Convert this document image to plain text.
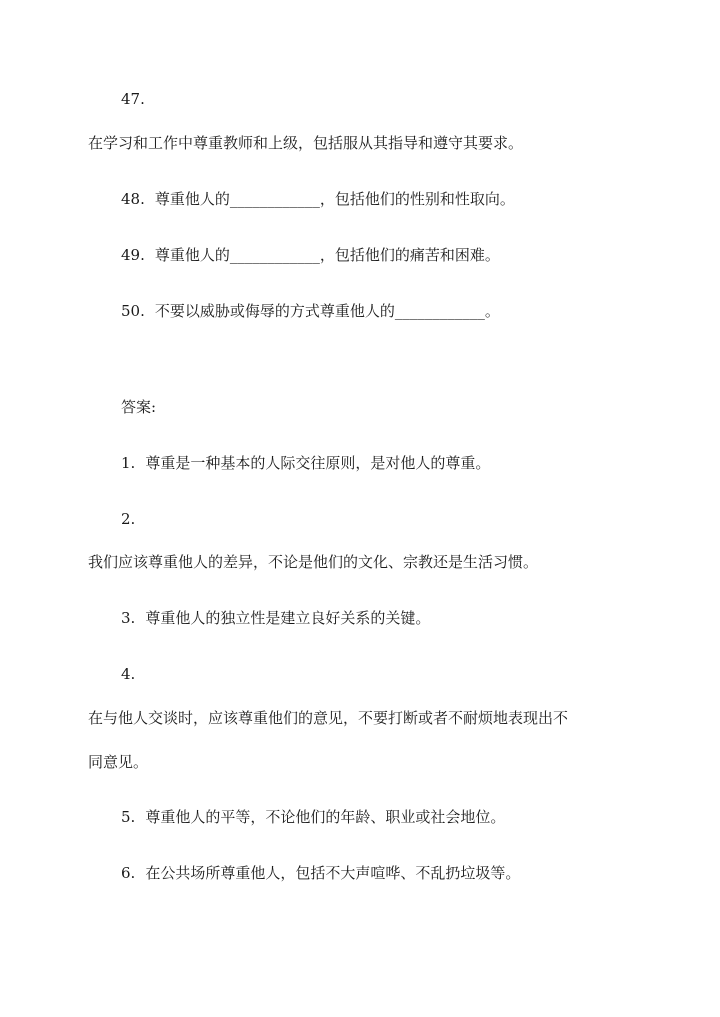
47.
在学习和工作中尊重教师和上级，包括服从其指导和遵守其要求。
48. 尊重他人的____________，包括他们的性别和性取向。
49. 尊重他人的____________，包括他们的痛苦和困难。
50. 不要以威胁或侮辱的方式尊重他人的____________。
答案:
1. 尊重是一种基本的人际交往原则，是对他人的尊重。
2.
我们应该尊重他人的差异，不论是他们的文化、宗教还是生活习惯。
3. 尊重他人的独立性是建立良好关系的关键。
4.
在与他人交谈时，应该尊重他们的意见，不要打断或者不耐烦地表现出不
同意见。
5. 尊重他人的平等，不论他们的年龄、职业或社会地位。
6. 在公共场所尊重他人，包括不大声喧哗、不乱扔垃圾等。
